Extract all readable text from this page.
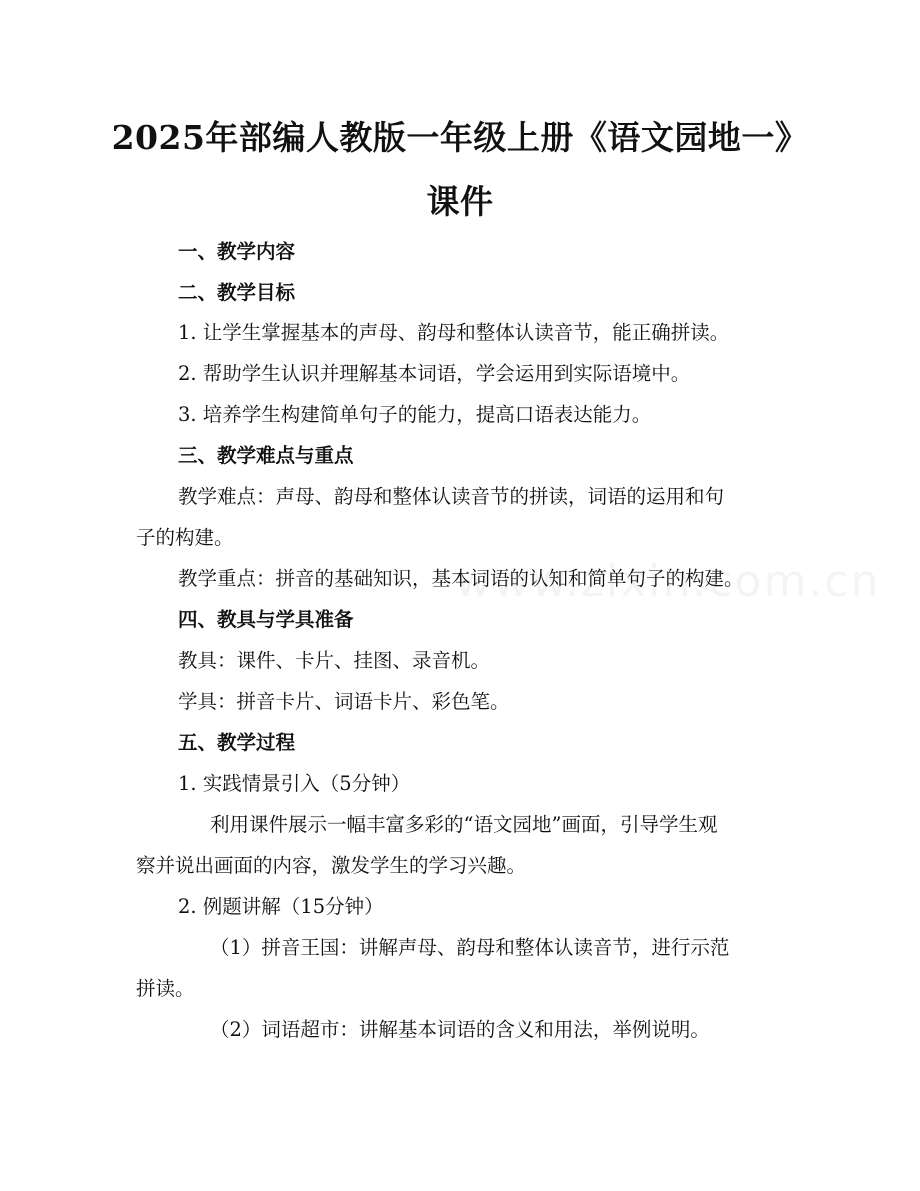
2025年部编人教版一年级上册《语文园地一》
课件
一、教学内容
二、教学目标
1. 让学生掌握基本的声母、韵母和整体认读音节，能正确拼读。
2. 帮助学生认识并理解基本词语，学会运用到实际语境中。
3. 培养学生构建简单句子的能力，提高口语表达能力。
三、教学难点与重点
教学难点：声母、韵母和整体认读音节的拼读，词语的运用和句
子的构建。
教学重点：拼音的基础知识，基本词语的认知和简单句子的构建。
四、教具与学具准备
教具：课件、卡片、挂图、录音机。
学具：拼音卡片、词语卡片、彩色笔。
五、教学过程
1. 实践情景引入（5分钟）
利用课件展示一幅丰富多彩的“语文园地”画面，引导学生观
察并说出画面的内容，激发学生的学习兴趣。
2. 例题讲解（15分钟）
（1）拼音王国：讲解声母、韵母和整体认读音节，进行示范
拼读。
（2）词语超市：讲解基本词语的含义和用法，举例说明。
